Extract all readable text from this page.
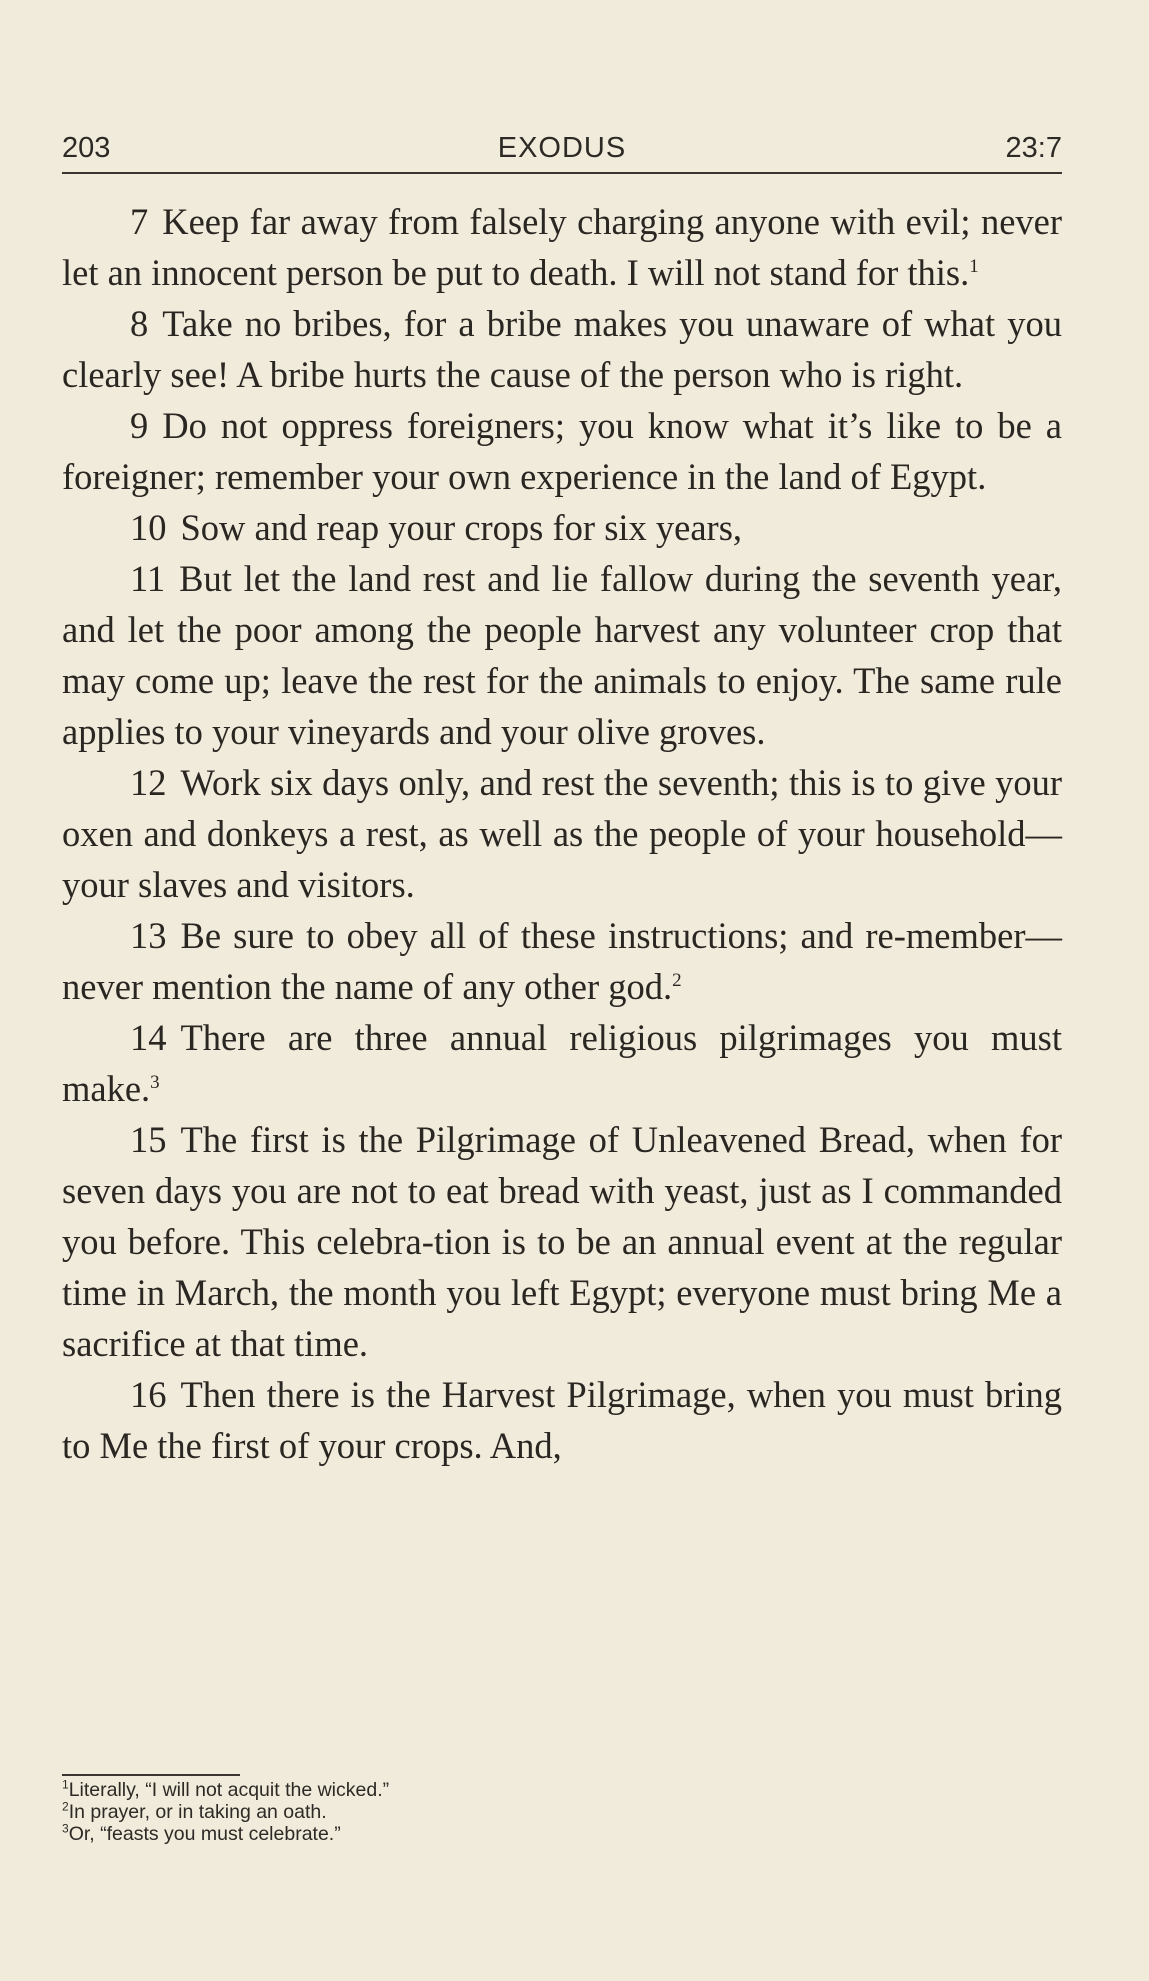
203	EXODUS	23:7

7 Keep far away from falsely charging anyone with evil; never let an innocent person be put to death. I will not stand for this.$^1$

8 Take no bribes, for a bribe makes you unaware of what you clearly see! A bribe hurts the cause of the person who is right.

9 Do not oppress foreigners; you know what it’s like to be a foreigner; remember your own experience in the land of Egypt.

10 Sow and reap your crops for six years,

11 But let the land rest and lie fallow during the seventh year, and let the poor among the people harvest any volunteer crop that may come up; leave the rest for the animals to enjoy. The same rule applies to your vineyards and your olive groves.

12 Work six days only, and rest the seventh; this is to give your oxen and donkeys a rest, as well as the people of your household—your slaves and visitors.

13 Be sure to obey all of these instructions; and re-member—never mention the name of any other god.$^2$

14 There are three annual religious pilgrimages you must make.$^3$

15 The first is the Pilgrimage of Unleavened Bread, when for seven days you are not to eat bread with yeast, just as I commanded you before. This celebra-tion is to be an annual event at the regular time in March, the month you left Egypt; everyone must bring Me a sacrifice at that time.

16 Then there is the Harvest Pilgrimage, when you must bring to Me the first of your crops. And,

$^1$Literally, “I will not acquit the wicked.”
$^2$In prayer, or in taking an oath.
$^3$Or, “feasts you must celebrate.”
